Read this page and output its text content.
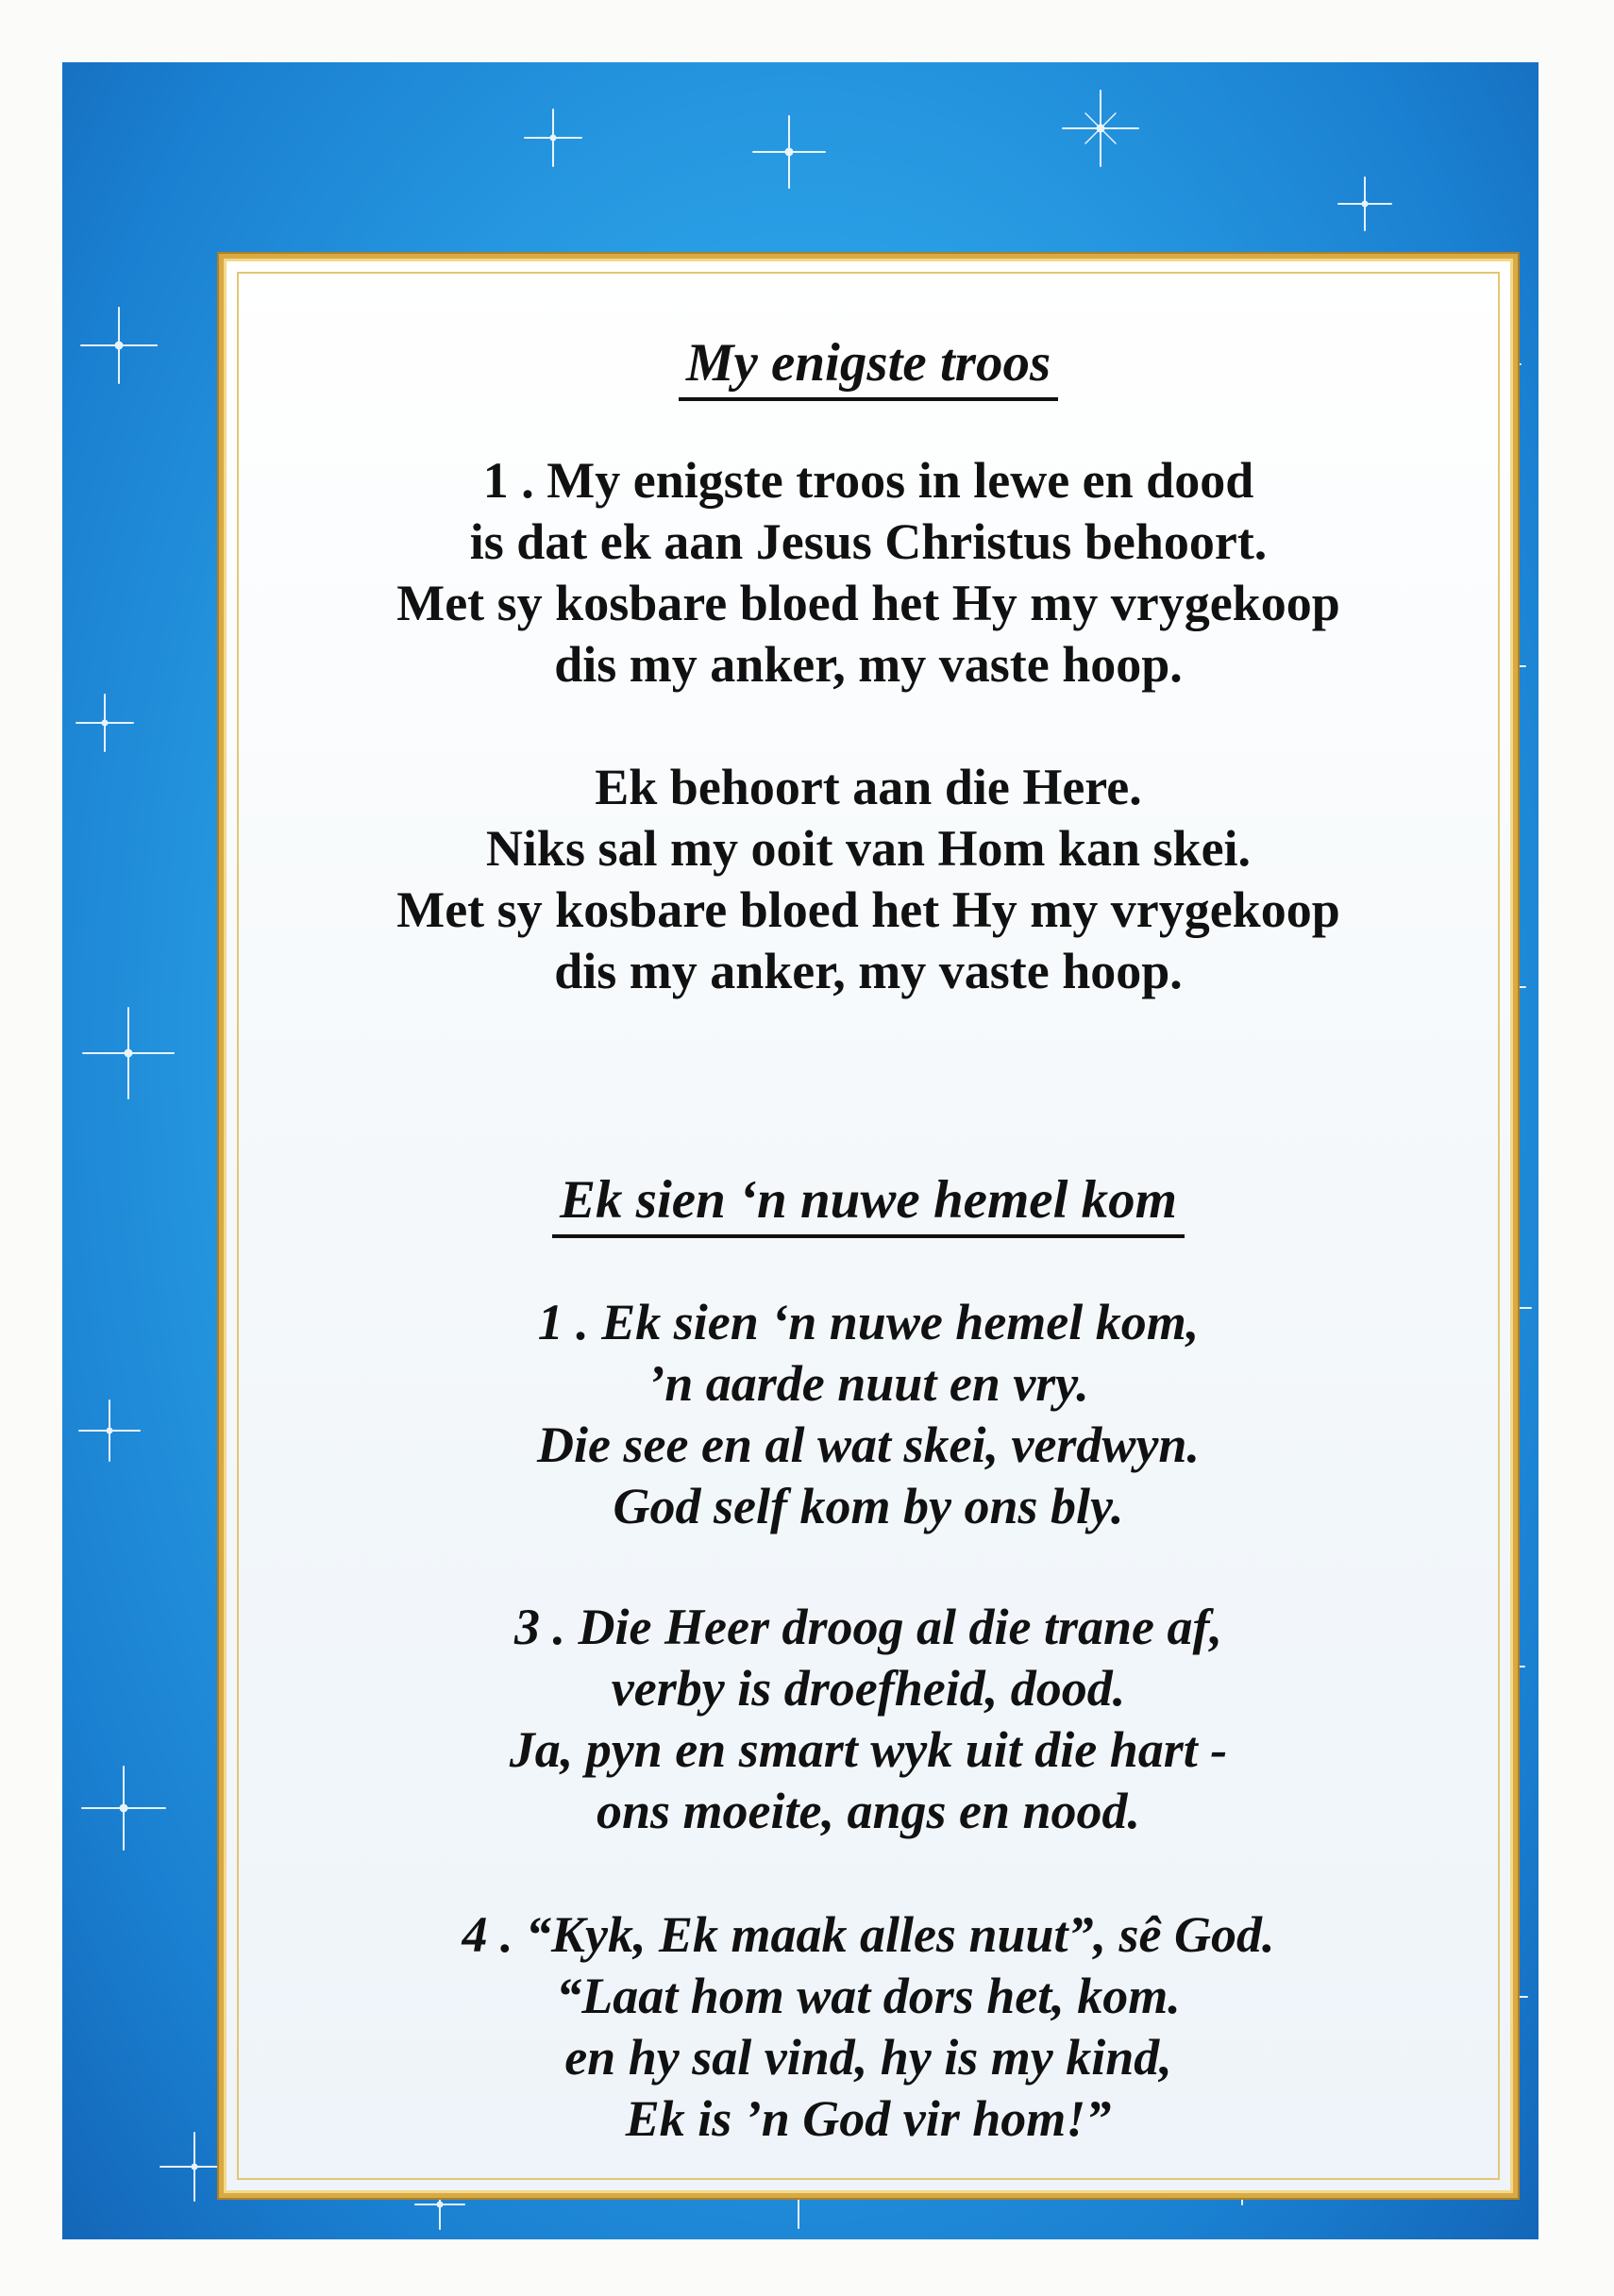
My enigste troos
1 . My enigste troos in lewe en dood
is dat ek aan Jesus Christus behoort.
Met sy kosbare bloed het Hy my vrygekoop
dis my anker, my vaste hoop.
Ek behoort aan die Here.
Niks sal my ooit van Hom kan skei.
Met sy kosbare bloed het Hy my vrygekoop
dis my anker, my vaste hoop.
Ek sien ‘n nuwe hemel kom
1 . Ek sien ‘n nuwe hemel kom,
’n aarde nuut en vry.
Die see en al wat skei, verdwyn.
God self kom by ons bly.
3 . Die Heer droog al die trane af,
verby is droefheid, dood.
Ja, pyn en smart wyk uit die hart -
ons moeite, angs en nood.
4 . “Kyk, Ek maak alles nuut”, sê God.
“Laat hom wat dors het, kom.
en hy sal vind, hy is my kind,
Ek is ’n God vir hom!”
